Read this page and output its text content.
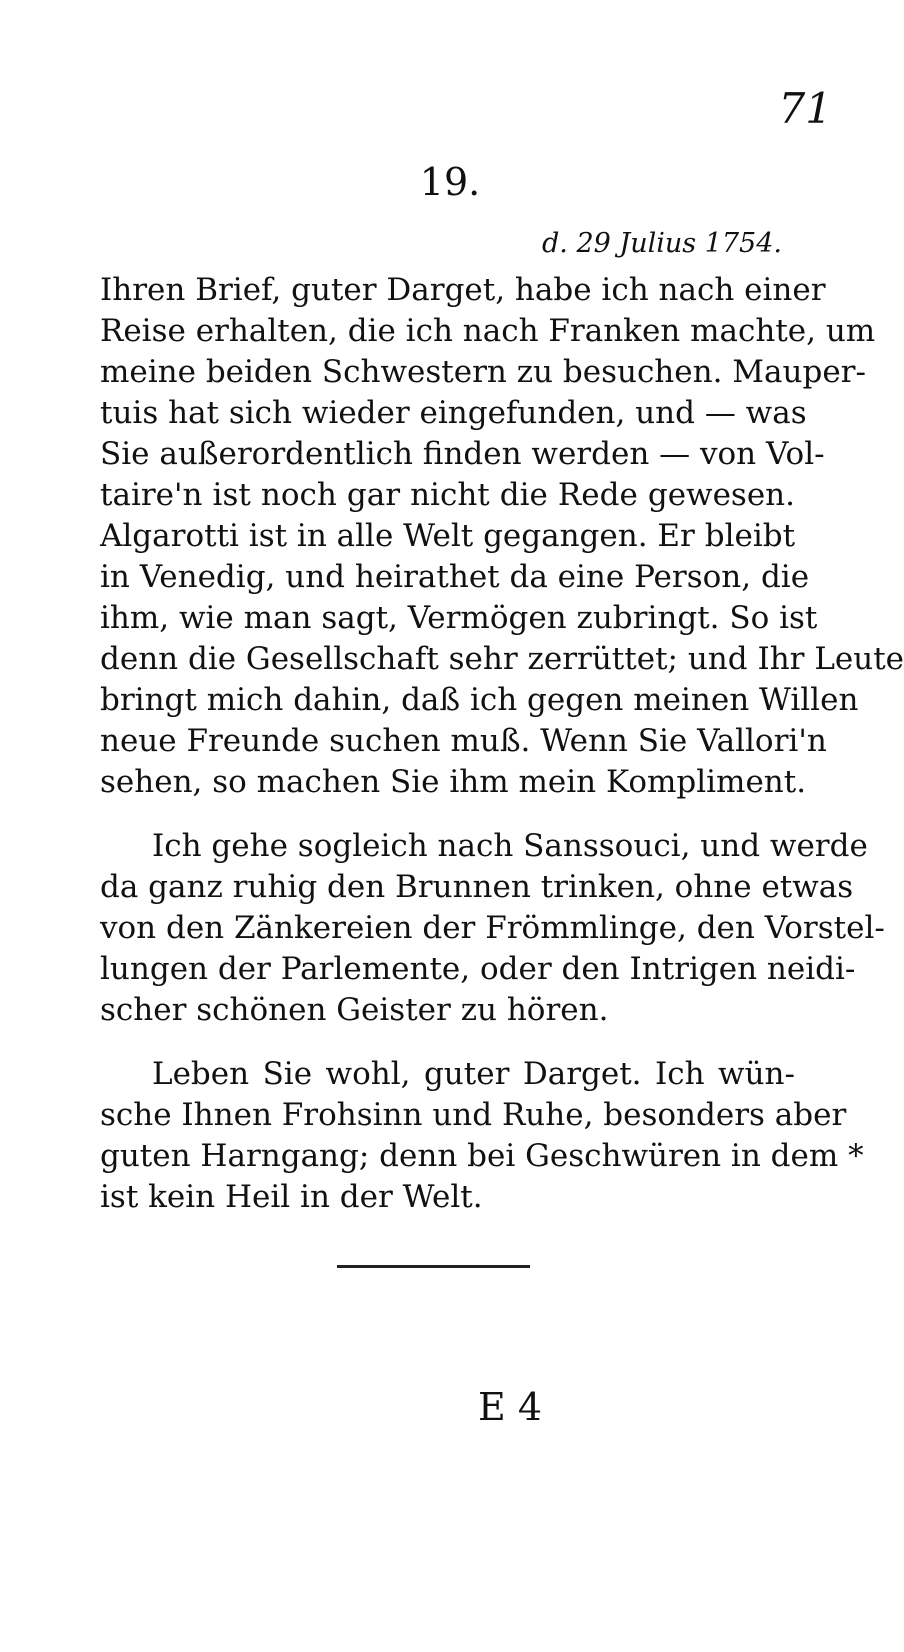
71
19.
d. 29 Julius 1754.
Ihren Brief, guter Darget, habe ich nach einer
Reise erhalten, die ich nach Franken machte, um
meine beiden Schwestern zu besuchen. Mauper-
tuis hat sich wieder eingefunden, und — was
Sie außerordentlich finden werden — von Vol-
taire'n ist noch gar nicht die Rede gewesen.
Algarotti ist in alle Welt gegangen. Er bleibt
in Venedig, und heirathet da eine Person, die
ihm, wie man sagt, Vermögen zubringt. So ist
denn die Gesellschaft sehr zerrüttet; und Ihr Leute
bringt mich dahin, daß ich gegen meinen Willen
neue Freunde suchen muß. Wenn Sie Vallori'n
sehen, so machen Sie ihm mein Kompliment.
Ich gehe sogleich nach Sanssouci, und werde
da ganz ruhig den Brunnen trinken, ohne etwas
von den Zänkereien der Frömmlinge, den Vorstel-
lungen der Parlemente, oder den Intrigen neidi-
scher schönen Geister zu hören.
Leben Sie wohl, guter Darget. Ich wün-
sche Ihnen Frohsinn und Ruhe, besonders aber
guten Harngang; denn bei Geschwüren in dem *
ist kein Heil in der Welt.
E 4
